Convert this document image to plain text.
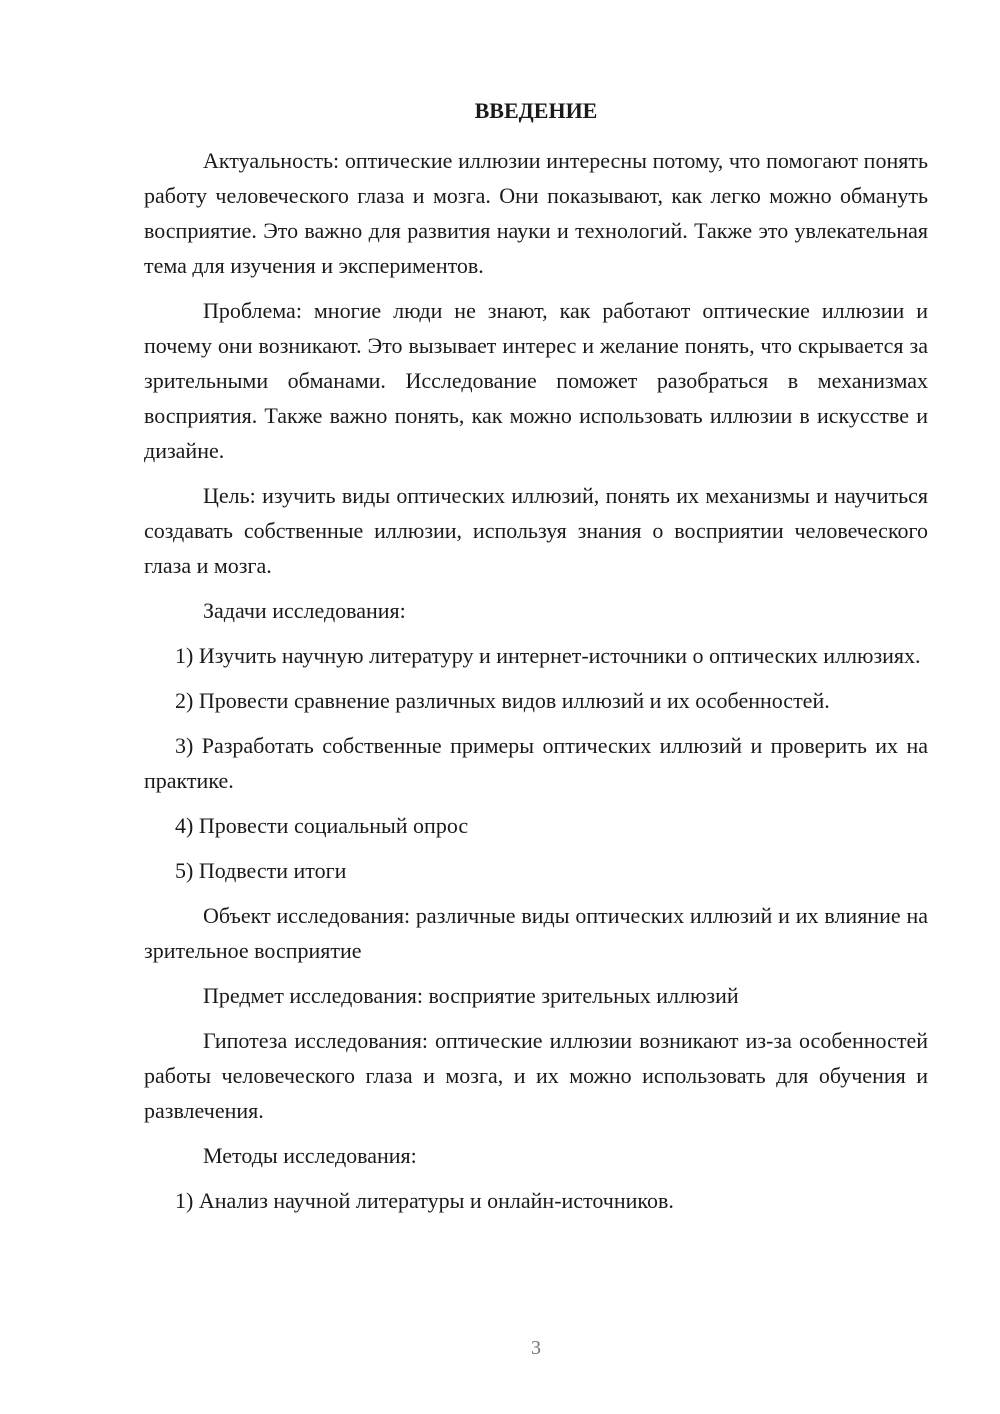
ВВЕДЕНИЕ

Актуальность: оптические иллюзии интересны потому, что помогают понять работу человеческого глаза и мозга. Они показывают, как легко можно обмануть восприятие. Это важно для развития науки и технологий. Также это увлекательная тема для изучения и экспериментов.

Проблема: многие люди не знают, как работают оптические иллюзии и почему они возникают. Это вызывает интерес и желание понять, что скрывается за зрительными обманами. Исследование поможет разобраться в механизмах восприятия. Также важно понять, как можно использовать иллюзии в искусстве и дизайне.

Цель: изучить виды оптических иллюзий, понять их механизмы и научиться создавать собственные иллюзии, используя знания о восприятии человеческого глаза и мозга.

Задачи исследования:

1) Изучить научную литературу и интернет-источники о оптических иллюзиях.

2) Провести сравнение различных видов иллюзий и их особенностей.

3) Разработать собственные примеры оптических иллюзий и проверить их на практике.

4) Провести социальный опрос

5) Подвести итоги

Объект исследования: различные виды оптических иллюзий и их влияние на зрительное восприятие

Предмет исследования: восприятие зрительных иллюзий

Гипотеза исследования: оптические иллюзии возникают из-за особенностей работы человеческого глаза и мозга, и их можно использовать для обучения и развлечения.

Методы исследования:

1) Анализ научной литературы и онлайн-источников.

3
